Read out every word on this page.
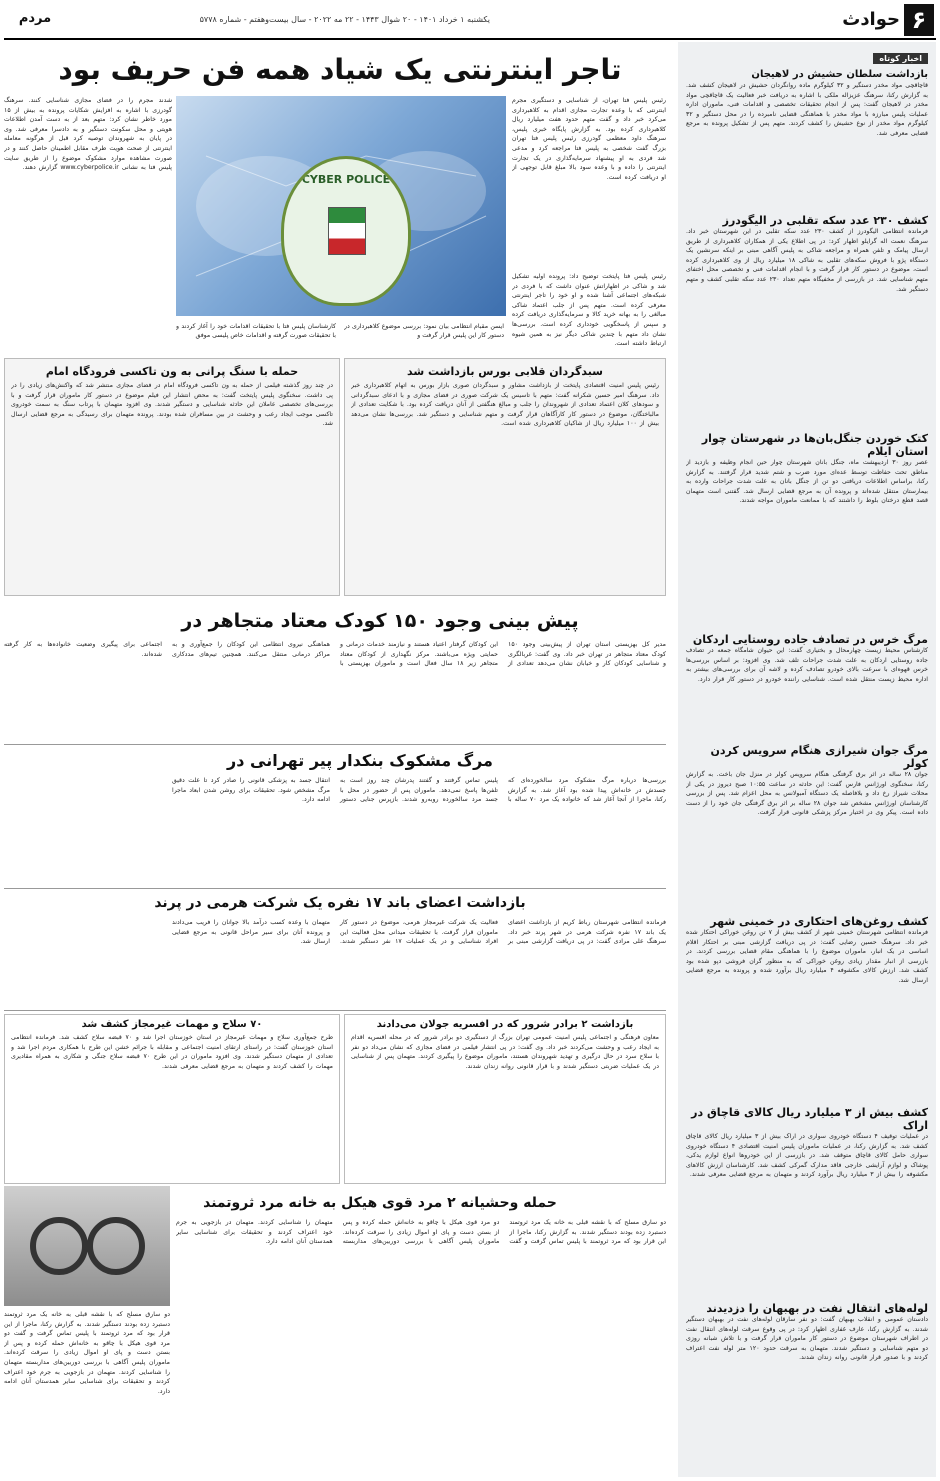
۶
حوادث
یکشنبه ۱ خرداد ۱۴۰۱ - ۲۰ شوال ۱۴۴۳ - ۲۲ مه ۲۰۲۲ - سال بیست‌وهفتم - شماره ۵۷۷۸
مردم
اخبار کوتاه
بازداشت سلطان حشیش در لاهیجان
قاچاقچی مواد مخدر دستگیر و ۳۲ کیلوگرم ماده روانگردان حشیش در لاهیجان کشف شد. به گزارش رکنا، سرهنگ عزیزاله ملکی با اشاره به دریافت خبر فعالیت یک قاچاقچی مواد مخدر در لاهیجان گفت: پس از انجام تحقیقات تخصصی و اقدامات فنی، ماموران اداره عملیات پلیس مبارزه با مواد مخدر با هماهنگی قضایی نامبرده را در محل دستگیر و ۳۲ کیلوگرم مواد مخدر از نوع حشیش را کشف کردند. متهم پس از تشکیل پرونده به مرجع قضایی معرفی شد.
کشف ۲۳۰ عدد سکه تقلبی در الیگودرز
فرمانده انتظامی الیگودرز از کشف ۲۳۰ عدد سکه تقلبی در این شهرستان خبر داد. سرهنگ نعمت اله گرایلو اظهار کرد: در پی اطلاع یکی از همکاران کلاهبرداری از طریق ارسال پیامک و تلفن همراه و مراجعه شاکی به پلیس آگاهی مبنی بر اینکه سرنشین یک دستگاه پژو با فروش سکه‌های تقلبی به شاکی ۱۸ میلیارد ریال از وی کلاهبرداری کرده است، موضوع در دستور کار قرار گرفت و با انجام اقدامات فنی و تخصصی محل اختفای متهم شناسایی شد. در بازرسی از مخفیگاه متهم تعداد ۲۳۰ عدد سکه تقلبی کشف و متهم دستگیر شد.
کتک خوردن جنگل‌بان‌ها در شهرستان چوار استان ایلام
عصر روز ۳۰ اردیبهشت ماه، جنگل بانان شهرستان چوار حین انجام وظیفه و بازدید از مناطق تحت حفاظت توسط عده‌ای مورد ضرب و شتم شدید قرار گرفتند. به گزارش رکنا، براساس اطلاعات دریافتی دو تن از جنگل بانان به علت شدت جراحات وارده به بیمارستان منتقل شده‌اند و پرونده آن به مرجع قضایی ارسال شد. گفتنی است متهمان قصد قطع درختان بلوط را داشتند که با ممانعت ماموران مواجه شدند.
مرگ خرس در تصادف جاده روستایی اردکان
کارشناس محیط زیست چهارمحال و بختیاری گفت: این حیوان شامگاه جمعه در تصادف جاده روستایی اردکان به علت شدت جراحات تلف شد. وی افزود: بر اساس بررسی‌ها خرس قهوه‌ای با سرعت بالای خودرو تصادف کرده و لاشه آن برای بررسی‌های بیشتر به اداره محیط زیست منتقل شده است. شناسایی راننده خودرو در دستور کار قرار دارد.
مرگ جوان شیرازی هنگام سرویس کردن کولر
جوان ۲۸ ساله در اثر برق گرفتگی هنگام سرویس کولر در منزل جان باخت. به گزارش رکنا، سخنگوی اورژانس فارس گفت: این حادثه در ساعت ۱۰:۵۵ صبح دیروز در یکی از محلات شیراز رخ داد و بلافاصله یک دستگاه آمبولانس به محل اعزام شد. پس از بررسی کارشناسان اورژانس مشخص شد جوان ۲۸ ساله بر اثر برق گرفتگی جان خود را از دست داده است. پیکر وی در اختیار مرکز پزشکی قانونی قرار گرفت.
کشف روغن‌های احتکاری در خمینی شهر
فرمانده انتظامی شهرستان خمینی شهر از کشف بیش از ۷ تن روغن خوراکی احتکار شده خبر داد. سرهنگ حسین رضایی گفت: در پی دریافت گزارشی مبنی بر احتکار اقلام اساسی در یک انبار، ماموران موضوع را با هماهنگی مقام قضایی بررسی کردند. در بازرسی از انبار مقدار زیادی روغن خوراکی که به منظور گران فروشی دپو شده بود کشف شد. ارزش کالای مکشوفه ۴ میلیارد ریال برآورد شده و پرونده به مرجع قضایی ارسال شد.
کشف بیش از ۳ میلیارد ریال کالای قاچاق در اراک
در عملیات توقیف ۴ دستگاه خودروی سواری در اراک بیش از ۳ میلیارد ریال کالای قاچاق کشف شد. به گزارش رکنا، در عملیات ماموران پلیس امنیت اقتصادی ۴ دستگاه خودروی سواری حامل کالای قاچاق متوقف شد. در بازرسی از این خودروها انواع لوازم یدکی، پوشاک و لوازم آرایشی خارجی فاقد مدارک گمرکی کشف شد. کارشناسان ارزش کالاهای مکشوفه را بیش از ۳ میلیارد ریال برآورد کردند و متهمان به مرجع قضایی معرفی شدند.
لوله‌های انتقال نفت در بهبهان را دزدیدند
دادستان عمومی و انقلاب بهبهان گفت: دو نفر سارقان لوله‌های نفت در بهبهان دستگیر شدند. به گزارش رکنا، عارف غفاری اظهار کرد: در پی وقوع سرقت لوله‌های انتقال نفت در اطراف شهرستان موضوع در دستور کار ماموران قرار گرفت و با تلاش شبانه روزی دو متهم شناسایی و دستگیر شدند. متهمان به سرقت حدود ۱۲۰ متر لوله نفت اعتراف کردند و با صدور قرار قانونی روانه زندان شدند.
تاجر اینترنتی یک شیاد همه فن حریف بود
رئیس پلیس فتا تهران، از شناسایی و دستگیری مجرم اینترنتی که با وعده تجارت مجازی اقدام به کلاهبرداری می‌کرد خبر داد و گفت متهم حدود هفت میلیارد ریال کلاهبرداری کرده بود. به گزارش پایگاه خبری پلیس، سرهنگ داود معظمی گودرزی رئیس پلیس فتا تهران بزرگ گفت شخصی به پلیس فتا مراجعه کرد و مدعی شد فردی به او پیشنهاد سرمایه‌گذاری در یک تجارت اینترنتی را داده و با وعده سود بالا مبلغ قابل توجهی از او دریافت کرده است.
رئیس پلیس فتا پایتخت توضیح داد: پرونده اولیه تشکیل شد و شاکی در اظهاراتش عنوان داشت که با فردی در شبکه‌های اجتماعی آشنا شده و او خود را تاجر اینترنتی معرفی کرده است. متهم پس از جلب اعتماد شاکی مبالغی را به بهانه خرید کالا و سرمایه‌گذاری دریافت کرده و سپس از پاسخگویی خودداری کرده است. بررسی‌ها نشان داد متهم با چندین شاکی دیگر نیز به همین شیوه ارتباط داشته است.
شدند مجرم را در فضای مجازی شناسایی کنند. سرهنگ گودرزی با اشاره به افزایش شکایات پرونده به بیش از ۱۵ مورد خاطر نشان کرد: متهم بعد از به دست آمدن اطلاعات هویتی و محل سکونت دستگیر و به دادسرا معرفی شد. وی در پایان به شهروندان توصیه کرد قبل از هرگونه معامله اینترنتی از صحت هویت طرف مقابل اطمینان حاصل کنند و در صورت مشاهده موارد مشکوک موضوع را از طریق سایت پلیس فتا به نشانی www.cyberpolice.ir گزارش دهند.
CYBER POLICE
ایسن مقبام انتظامی بیان نمود: بررسی موضوع کلاهبرداری در دستور کار این پلیس قرار گرفت و
کارشناسان پلیس فتا با تحقیقات اقدامات خود را آغاز کردند و با تحقیقات صورت گرفته و اقدامات خاص پلیسی موفق
سبدگردان قلابی بورس بازداشت شد
رئیس پلیس امنیت اقتصادی پایتخت از بازداشت مشاور و سبدگردان صوری بازار بورس به اتهام کلاهبرداری خبر داد. سرهنگ امیر حسین شکرانه گفت: متهم با تاسیس یک شرکت صوری در فضای مجازی و با ادعای سبدگردانی و سودهای کلان اعتماد تعدادی از شهروندان را جلب و مبالغ هنگفتی از آنان دریافت کرده بود. با شکایت تعدادی از مالباختگان، موضوع در دستور کار کارآگاهان قرار گرفت و متهم شناسایی و دستگیر شد. بررسی‌ها نشان می‌دهد بیش از ۱۰۰ میلیارد ریال از شاکیان کلاهبرداری شده است.
حمله با سنگ پرانی به ون تاکسی فرودگاه امام
در چند روز گذشته فیلمی از حمله به ون تاکسی فرودگاه امام در فضای مجازی منتشر شد که واکنش‌های زیادی را در پی داشت. سخنگوی پلیس پایتخت گفت: به محض انتشار این فیلم موضوع در دستور کار ماموران قرار گرفت و با بررسی‌های تخصصی عاملان این حادثه شناسایی و دستگیر شدند. وی افزود متهمان با پرتاب سنگ به سمت خودروی تاکسی موجب ایجاد رعب و وحشت در بین مسافران شده بودند. پرونده متهمان برای رسیدگی به مرجع قضایی ارسال شد.
پیش بینی وجود ۱۵۰ کودک معتاد متجاهر در
مدیر کل بهزیستی استان تهران از پیش‌بینی وجود ۱۵۰ کودک معتاد متجاهر در تهران خبر داد. وی گفت: غربالگری و شناسایی کودکان کار و خیابان نشان می‌دهد تعدادی از این کودکان گرفتار اعتیاد هستند و نیازمند خدمات درمانی و حمایتی ویژه می‌باشند. مرکز نگهداری از کودکان معتاد متجاهر زیر ۱۸ سال فعال است و ماموران بهزیستی با هماهنگی نیروی انتظامی این کودکان را جمع‌آوری و به مراکز درمانی منتقل می‌کنند. همچنین تیم‌های مددکاری اجتماعی برای پیگیری وضعیت خانواده‌ها به کار گرفته شده‌اند.
مرگ مشکوک بنکدار پیر تهرانی در
بررسی‌ها درباره مرگ مشکوک مرد سالخورده‌ای که جسدش در خانه‌اش پیدا شده بود آغاز شد. به گزارش رکنا، ماجرا از آنجا آغاز شد که خانواده یک مرد ۷۰ ساله با پلیس تماس گرفتند و گفتند پدرشان چند روز است به تلفن‌ها پاسخ نمی‌دهد. ماموران پس از حضور در محل با جسد مرد سالخورده روبه‌رو شدند. بازپرس جنایی دستور انتقال جسد به پزشکی قانونی را صادر کرد تا علت دقیق مرگ مشخص شود. تحقیقات برای روشن شدن ابعاد ماجرا ادامه دارد.
بازداشت اعضای باند ۱۷ نفره یک شرکت هرمی در پرند
فرمانده انتظامی شهرستان رباط کریم از بازداشت اعضای یک باند ۱۷ نفره شرکت هرمی در شهر پرند خبر داد. سرهنگ علی مرادی گفت: در پی دریافت گزارشی مبنی بر فعالیت یک شرکت غیرمجاز هرمی، موضوع در دستور کار ماموران قرار گرفت. با تحقیقات میدانی محل فعالیت این افراد شناسایی و در یک عملیات ۱۷ نفر دستگیر شدند. متهمان با وعده کسب درآمد بالا جوانان را فریب می‌دادند و پرونده آنان برای سیر مراحل قانونی به مرجع قضایی ارسال شد.
بازداشت ۲ برادر شرور که در افسریه جولان می‌دادند
معاون فرهنگی و اجتماعی پلیس امنیت عمومی تهران بزرگ از دستگیری دو برادر شرور که در محله افسریه اقدام به ایجاد رعب و وحشت می‌کردند خبر داد. وی گفت: در پی انتشار فیلمی در فضای مجازی که نشان می‌داد دو نفر با سلاح سرد در حال درگیری و تهدید شهروندان هستند، ماموران موضوع را پیگیری کردند. متهمان پس از شناسایی در یک عملیات ضربتی دستگیر شدند و با قرار قانونی روانه زندان شدند.
۷۰ سلاح و مهمات غیرمجاز کشف شد
طرح جمع‌آوری سلاح و مهمات غیرمجاز در استان خوزستان اجرا شد و ۷۰ قبضه سلاح کشف شد. فرمانده انتظامی استان خوزستان گفت: در راستای ارتقای امنیت اجتماعی و مقابله با جرائم خشن این طرح با همکاری مردم اجرا شد و تعدادی از متهمان دستگیر شدند. وی افزود ماموران در این طرح ۷۰ قبضه سلاح جنگی و شکاری به همراه مقادیری مهمات را کشف کردند و متهمان به مرجع قضایی معرفی شدند.
حمله وحشیانه ۲ مرد قوی هیکل به خانه مرد ثروتمند
دو سارق مسلح که با نقشه قبلی به خانه یک مرد ثروتمند دستبرد زده بودند دستگیر شدند. به گزارش رکنا، ماجرا از این قرار بود که مرد ثروتمند با پلیس تماس گرفت و گفت دو مرد قوی هیکل با چاقو به خانه‌اش حمله کرده و پس از بستن دست و پای او اموال زیادی را سرقت کرده‌اند. ماموران پلیس آگاهی با بررسی دوربین‌های مداربسته متهمان را شناسایی کردند. متهمان در بازجویی به جرم خود اعتراف کردند و تحقیقات برای شناسایی سایر همدستان آنان ادامه دارد.
دو سارق مسلح که با نقشه قبلی به خانه یک مرد ثروتمند دستبرد زده بودند دستگیر شدند. به گزارش رکنا، ماجرا از این قرار بود که مرد ثروتمند با پلیس تماس گرفت و گفت دو مرد قوی هیکل با چاقو به خانه‌اش حمله کرده و پس از بستن دست و پای او اموال زیادی را سرقت کرده‌اند. ماموران پلیس آگاهی با بررسی دوربین‌های مداربسته متهمان را شناسایی کردند. متهمان در بازجویی به جرم خود اعتراف کردند و تحقیقات برای شناسایی سایر همدستان آنان ادامه دارد.
